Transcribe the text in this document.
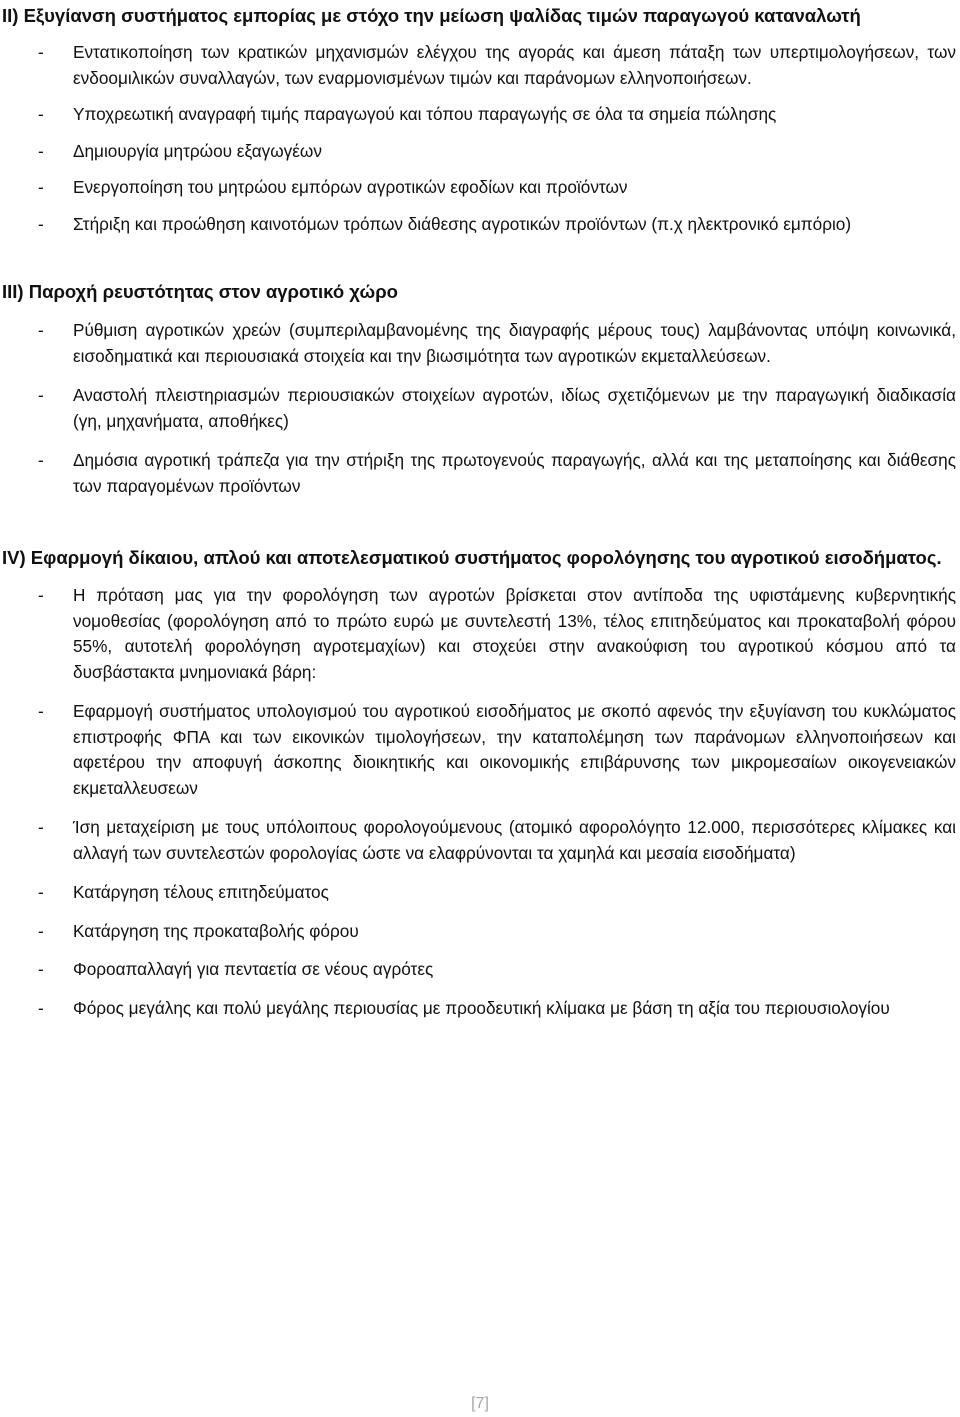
II) Εξυγίανση συστήματος εμπορίας με στόχο την μείωση ψαλίδας τιμών παραγωγού καταναλωτή
- Εντατικοποίηση των κρατικών μηχανισμών ελέγχου της αγοράς και άμεση πάταξη των υπερτιμολογήσεων, των ενδοομιλικών συναλλαγών, των εναρμονισμένων τιμών και παράνομων ελληνοποιήσεων.
- Υποχρεωτική αναγραφή τιμής παραγωγού και τόπου παραγωγής σε όλα τα σημεία πώλησης
- Δημιουργία μητρώου εξαγωγέων
- Ενεργοποίηση του μητρώου εμπόρων αγροτικών εφοδίων και προϊόντων
- Στήριξη και προώθηση καινοτόμων τρόπων διάθεσης αγροτικών προϊόντων (π.χ ηλεκτρονικό εμπόριο)
III) Παροχή ρευστότητας στον αγροτικό χώρο
- Ρύθμιση αγροτικών χρεών (συμπεριλαμβανομένης της διαγραφής μέρους τους) λαμβάνοντας υπόψη κοινωνικά, εισοδηματικά και περιουσιακά στοιχεία και την βιωσιμότητα των αγροτικών εκμεταλλεύσεων.
- Αναστολή πλειστηριασμών περιουσιακών στοιχείων αγροτών, ιδίως σχετιζόμενων με την παραγωγική διαδικασία (γη, μηχανήματα, αποθήκες)
- Δημόσια αγροτική τράπεζα για την στήριξη της πρωτογενούς παραγωγής, αλλά και της μεταποίησης και διάθεσης των παραγομένων προϊόντων
IV) Εφαρμογή δίκαιου, απλού και αποτελεσματικού συστήματος φορολόγησης του αγροτικού εισοδήματος.
- Η πρόταση μας για την φορολόγηση των αγροτών βρίσκεται στον αντίποδα της υφιστάμενης κυβερνητικής νομοθεσίας (φορολόγηση από το πρώτο ευρώ με συντελεστή 13%, τέλος επιτηδεύματος και προκαταβολή φόρου 55%, αυτοτελή φορολόγηση αγροτεμαχίων) και στοχεύει στην ανακούφιση του αγροτικού κόσμου από τα δυσβάστακτα μνημονιακά βάρη:
- Εφαρμογή συστήματος υπολογισμού του αγροτικού εισοδήματος με σκοπό αφενός την εξυγίανση του κυκλώματος επιστροφής ΦΠΑ και των εικονικών τιμολογήσεων, την καταπολέμηση των παράνομων ελληνοποιήσεων και αφετέρου την αποφυγή άσκοπης διοικητικής και οικονομικής επιβάρυνσης των μικρομεσαίων οικογενειακών εκμεταλλευσεων
- Ίση μεταχείριση με τους υπόλοιπους φορολογούμενους (ατομικό αφορολόγητο 12.000, περισσότερες κλίμακες και αλλαγή των συντελεστών φορολογίας ώστε να ελαφρύνονται τα χαμηλά και μεσαία εισοδήματα)
- Κατάργηση τέλους επιτηδεύματος
- Κατάργηση της προκαταβολής φόρου
- Φοροαπαλλαγή για πενταετία σε νέους αγρότες
- Φόρος μεγάλης και πολύ μεγάλης περιουσίας με προοδευτική κλίμακα με βάση τη αξία του περιουσιολογίου
[7]
